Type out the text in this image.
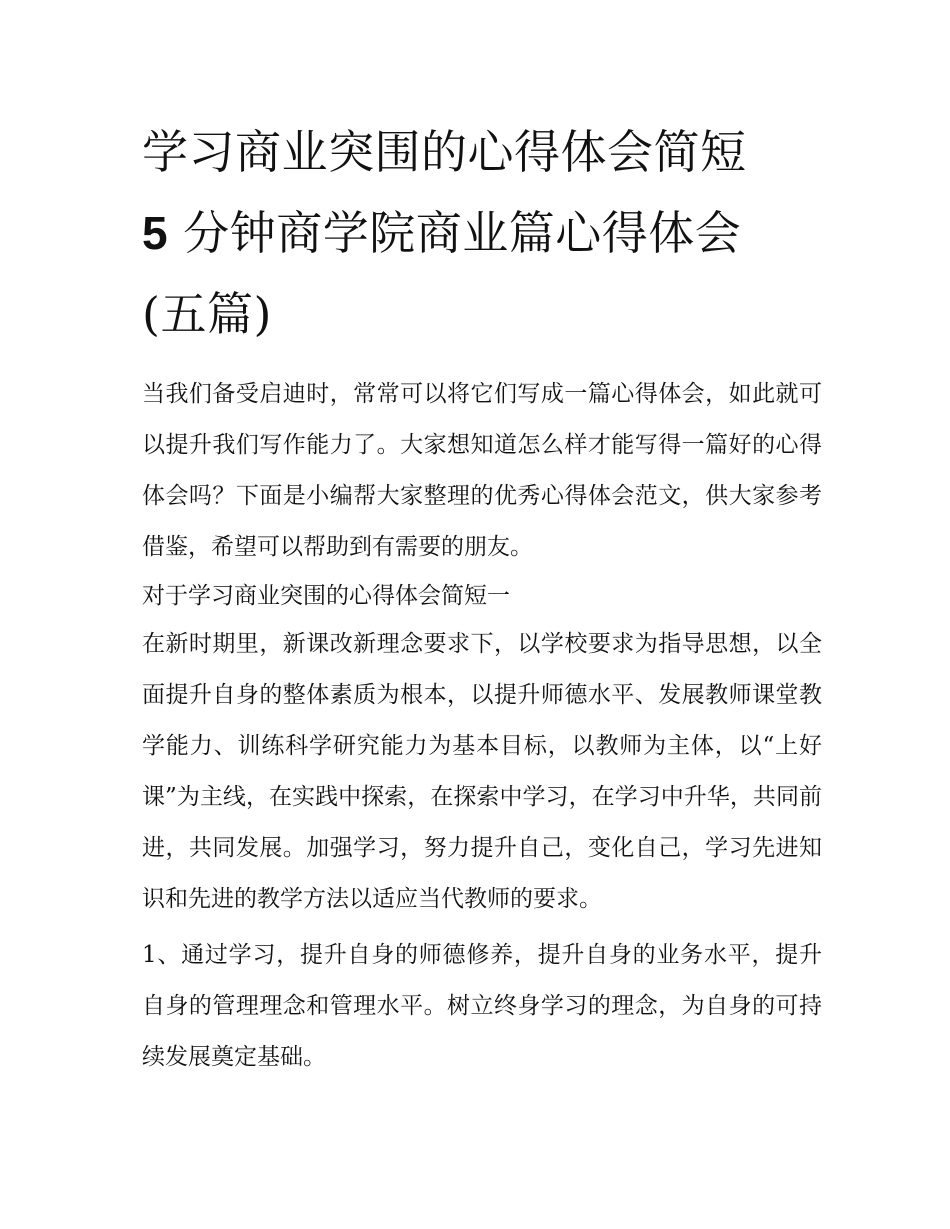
学习商业突围的心得体会简短
5 分钟商学院商业篇心得体会
(五篇)

当我们备受启迪时，常常可以将它们写成一篇心得体会，如此就可以提升我们写作能力了。大家想知道怎么样才能写得一篇好的心得体会吗？下面是小编帮大家整理的优秀心得体会范文，供大家参考借鉴，希望可以帮助到有需要的朋友。

对于学习商业突围的心得体会简短一

在新时期里，新课改新理念要求下，以学校要求为指导思想，以全面提升自身的整体素质为根本，以提升师德水平、发展教师课堂教学能力、训练科学研究能力为基本目标，以教师为主体，以“上好课”为主线，在实践中探索，在探索中学习，在学习中升华，共同前进，共同发展。加强学习，努力提升自己，变化自己，学习先进知识和先进的教学方法以适应当代教师的要求。

1、通过学习，提升自身的师德修养，提升自身的业务水平，提升自身的管理理念和管理水平。树立终身学习的理念，为自身的可持续发展奠定基础。
